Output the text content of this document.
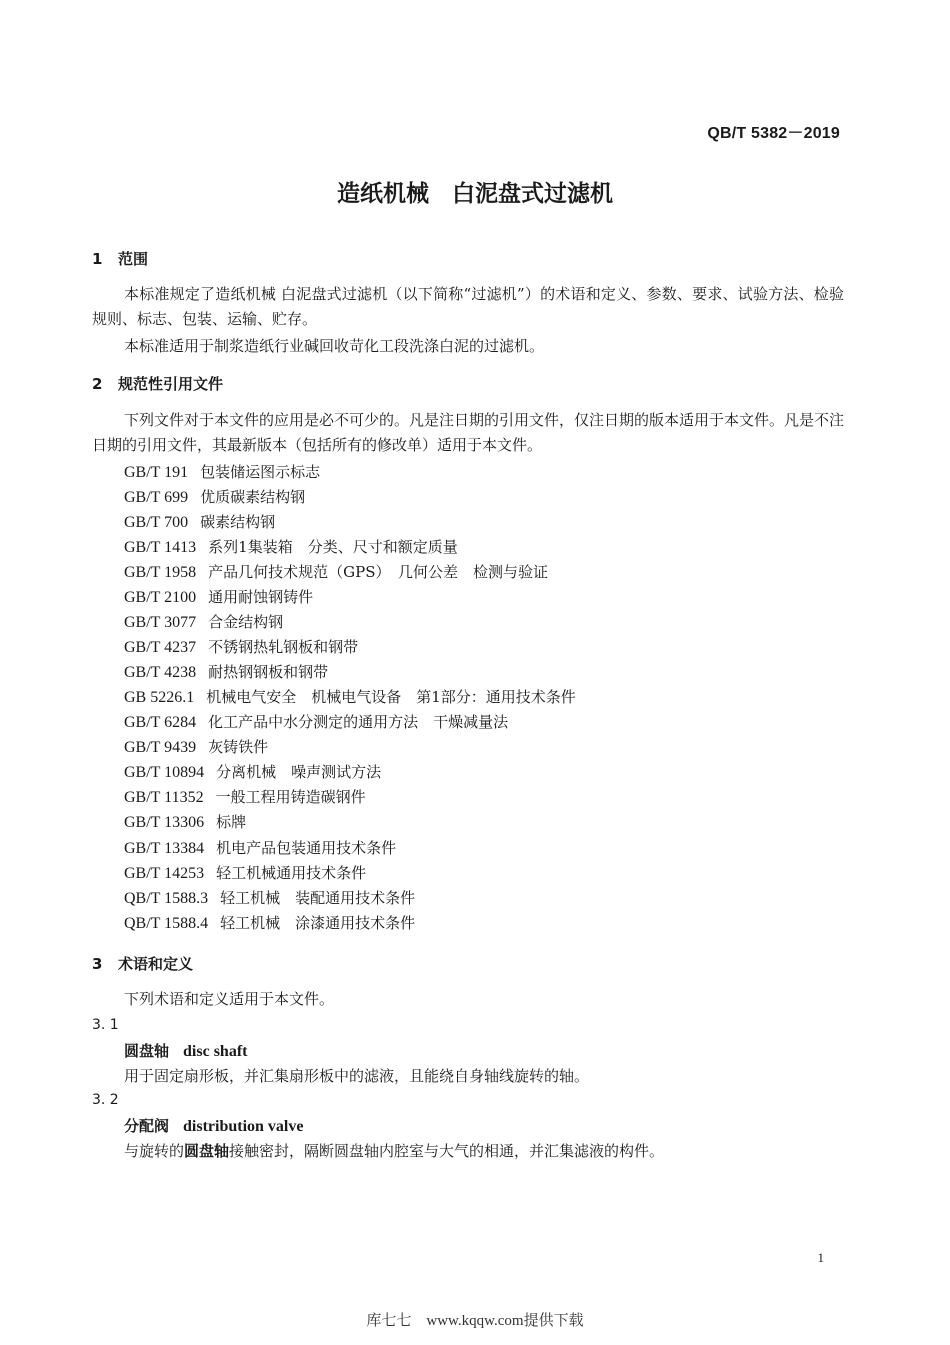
QB/T 5382－2019
造纸机械　白泥盘式过滤机
1 范围
本标准规定了造纸机械 白泥盘式过滤机（以下简称“过滤机”）的术语和定义、参数、要求、试验方法、检验规则、标志、包装、运输、贮存。
本标准适用于制浆造纸行业碱回收苛化工段洗涤白泥的过滤机。
2 规范性引用文件
下列文件对于本文件的应用是必不可少的。凡是注日期的引用文件，仅注日期的版本适用于本文件。凡是不注日期的引用文件，其最新版本（包括所有的修改单）适用于本文件。
GB/T 191 包装储运图示标志
GB/T 699 优质碳素结构钢
GB/T 700 碳素结构钢
GB/T 1413 系列1集装箱　分类、尺寸和额定质量
GB/T 1958 产品几何技术规范（GPS）　几何公差　检测与验证
GB/T 2100 通用耐蚀钢铸件
GB/T 3077 合金结构钢
GB/T 4237 不锈钢热轧钢板和钢带
GB/T 4238 耐热钢钢板和钢带
GB 5226.1 机械电气安全　机械电气设备　第1部分：通用技术条件
GB/T 6284 化工产品中水分测定的通用方法　干燥减量法
GB/T 9439 灰铸铁件
GB/T 10894 分离机械　噪声测试方法
GB/T 11352 一般工程用铸造碳钢件
GB/T 13306 标牌
GB/T 13384 机电产品包装通用技术条件
GB/T 14253 轻工机械通用技术条件
QB/T 1588.3 轻工机械　装配通用技术条件
QB/T 1588.4 轻工机械　涂漆通用技术条件
3 术语和定义
下列术语和定义适用于本文件。
3. 1
圆盘轴 disc shaft
用于固定扇形板，并汇集扇形板中的滤液，且能绕自身轴线旋转的轴。
3. 2
分配阀 distribution valve
与旋转的圆盘轴接触密封，隔断圆盘轴内腔室与大气的相通，并汇集滤液的构件。
1
库七七　www.kqqw.com提供下载
